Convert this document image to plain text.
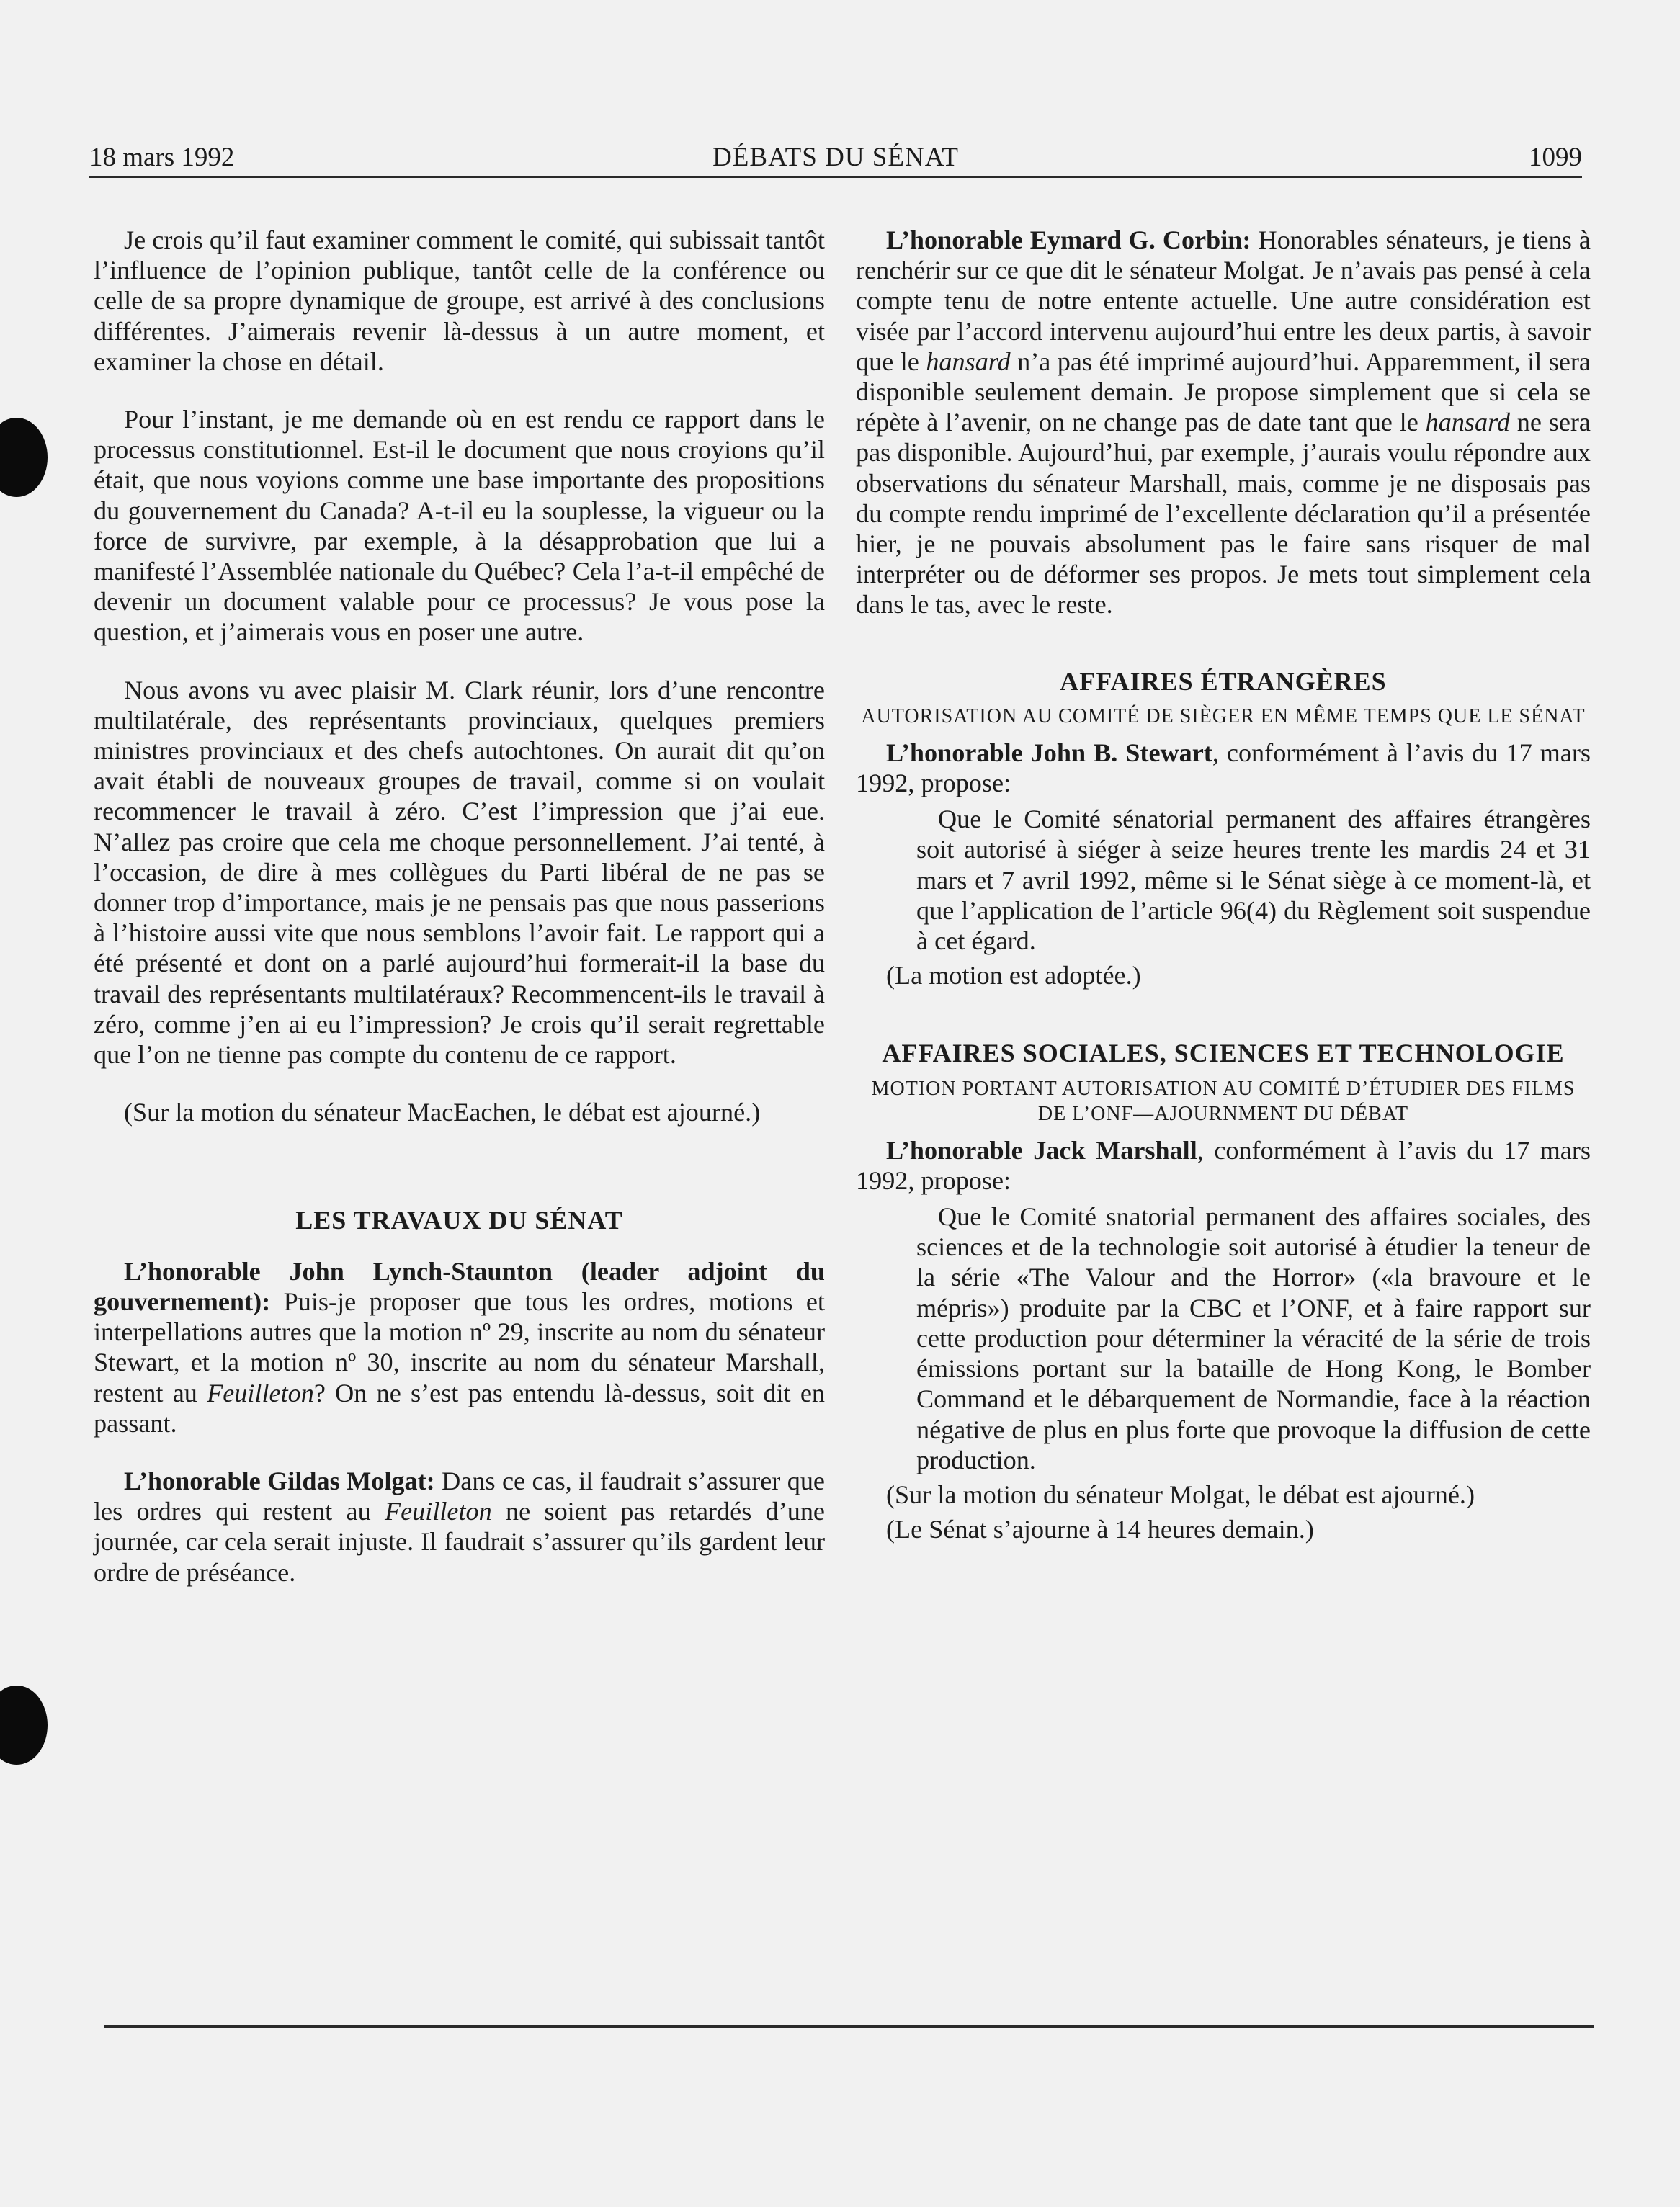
18 mars 1992	DÉBATS DU SÉNAT	1099

Je crois qu’il faut examiner comment le comité, qui subissait tantôt l’influence de l’opinion publique, tantôt celle de la conférence ou celle de sa propre dynamique de groupe, est arrivé à des conclusions différentes. J’aimerais revenir là-dessus à un autre moment, et examiner la chose en détail.

Pour l’instant, je me demande où en est rendu ce rapport dans le processus constitutionnel. Est-il le document que nous croyions qu’il était, que nous voyions comme une base importante des propositions du gouvernement du Canada? A-t-il eu la souplesse, la vigueur ou la force de survivre, par exemple, à la désapprobation que lui a manifesté l’Assemblée nationale du Québec? Cela l’a-t-il empêché de devenir un document valable pour ce processus? Je vous pose la question, et j’aimerais vous en poser une autre.

Nous avons vu avec plaisir M. Clark réunir, lors d’une rencontre multilatérale, des représentants provinciaux, quelques premiers ministres provinciaux et des chefs autochtones. On aurait dit qu’on avait établi de nouveaux groupes de travail, comme si on voulait recommencer le travail à zéro. C’est l’impression que j’ai eue. N’allez pas croire que cela me choque personnellement. J’ai tenté, à l’occasion, de dire à mes collègues du Parti libéral de ne pas se donner trop d’importance, mais je ne pensais pas que nous passerions à l’histoire aussi vite que nous semblons l’avoir fait. Le rapport qui a été présenté et dont on a parlé aujourd’hui formerait-il la base du travail des représentants multilatéraux? Recommencent-ils le travail à zéro, comme j’en ai eu l’impression? Je crois qu’il serait regrettable que l’on ne tienne pas compte du contenu de ce rapport.

(Sur la motion du sénateur MacEachen, le débat est ajourné.)

LES TRAVAUX DU SÉNAT

L’honorable John Lynch-Staunton (leader adjoint du gouvernement): Puis-je proposer que tous les ordres, motions et interpellations autres que la motion nº 29, inscrite au nom du sénateur Stewart, et la motion nº 30, inscrite au nom du sénateur Marshall, restent au Feuilleton? On ne s’est pas entendu là-dessus, soit dit en passant.

L’honorable Gildas Molgat: Dans ce cas, il faudrait s’assurer que les ordres qui restent au Feuilleton ne soient pas retardés d’une journée, car cela serait injuste. Il faudrait s’assurer qu’ils gardent leur ordre de préséance.

L’honorable Eymard G. Corbin: Honorables sénateurs, je tiens à renchérir sur ce que dit le sénateur Molgat. Je n’avais pas pensé à cela compte tenu de notre entente actuelle. Une autre considération est visée par l’accord intervenu aujourd’hui entre les deux partis, à savoir que le hansard n’a pas été imprimé aujourd’hui. Apparemment, il sera disponible seulement demain. Je propose simplement que si cela se répète à l’avenir, on ne change pas de date tant que le hansard ne sera pas disponible. Aujourd’hui, par exemple, j’aurais voulu répondre aux observations du sénateur Marshall, mais, comme je ne disposais pas du compte rendu imprimé de l’excellente déclaration qu’il a présentée hier, je ne pouvais absolument pas le faire sans risquer de mal interpréter ou de déformer ses propos. Je mets tout simplement cela dans le tas, avec le reste.

AFFAIRES ÉTRANGÈRES
AUTORISATION AU COMITÉ DE SIÈGER EN MÊME TEMPS QUE LE SÉNAT

L’honorable John B. Stewart, conformément à l’avis du 17 mars 1992, propose:

Que le Comité sénatorial permanent des affaires étrangères soit autorisé à siéger à seize heures trente les mardis 24 et 31 mars et 7 avril 1992, même si le Sénat siège à ce moment-là, et que l’application de l’article 96(4) du Règlement soit suspendue à cet égard.

(La motion est adoptée.)

AFFAIRES SOCIALES, SCIENCES ET TECHNOLOGIE
MOTION PORTANT AUTORISATION AU COMITÉ D’ÉTUDIER DES FILMS DE L’ONF—AJOURNMENT DU DÉBAT

L’honorable Jack Marshall, conformément à l’avis du 17 mars 1992, propose:

Que le Comité snatorial permanent des affaires sociales, des sciences et de la technologie soit autorisé à étudier la teneur de la série «The Valour and the Horror» («la bravoure et le mépris») produite par la CBC et l’ONF, et à faire rapport sur cette production pour déterminer la véracité de la série de trois émissions portant sur la bataille de Hong Kong, le Bomber Command et le débarquement de Normandie, face à la réaction négative de plus en plus forte que provoque la diffusion de cette production.

(Sur la motion du sénateur Molgat, le débat est ajourné.)

(Le Sénat s’ajourne à 14 heures demain.)
